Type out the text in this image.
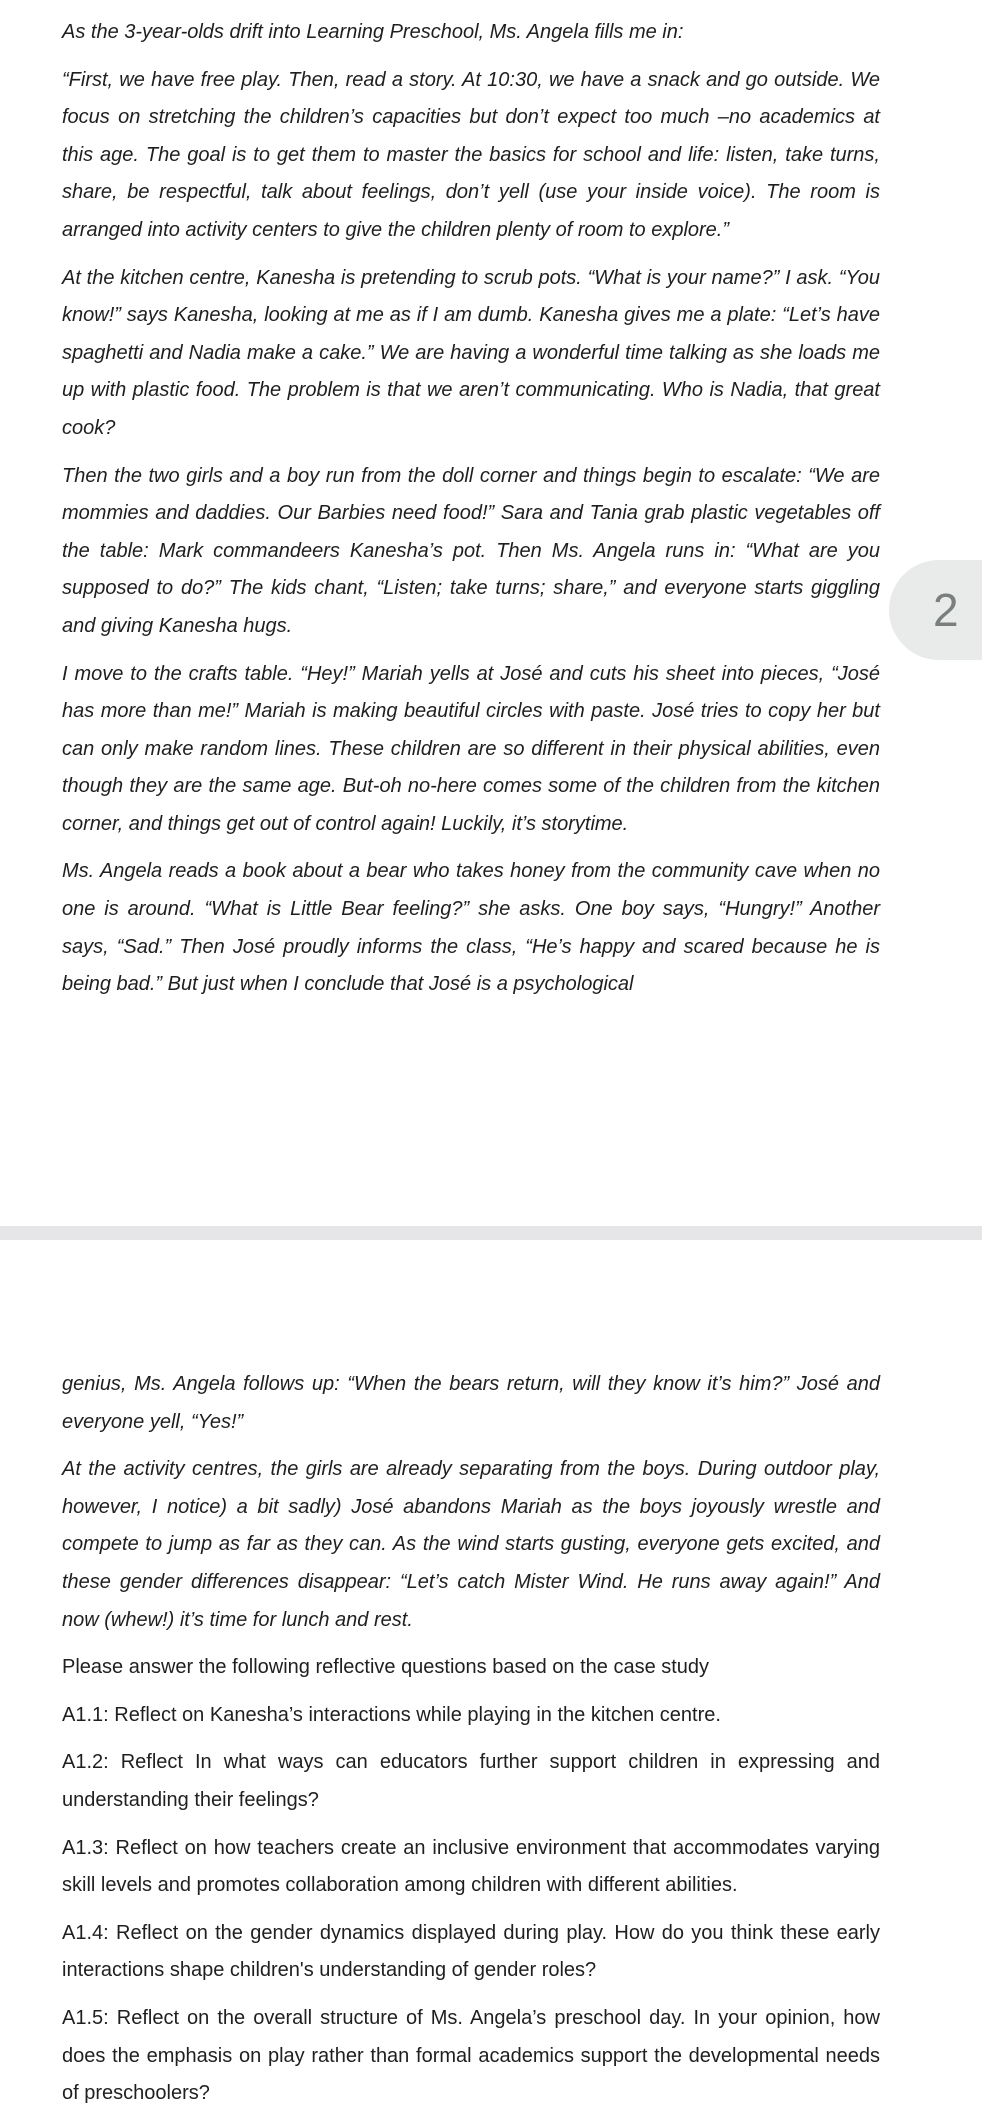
As the 3-year-olds drift into Learning Preschool, Ms. Angela fills me in:

“First, we have free play. Then, read a story. At 10:30, we have a snack and go outside. We focus on stretching the children’s capacities but don’t expect too much –no academics at this age. The goal is to get them to master the basics for school and life: listen, take turns, share, be respectful, talk about feelings, don’t yell (use your inside voice). The room is arranged into activity centers to give the children plenty of room to explore.”

At the kitchen centre, Kanesha is pretending to scrub pots. “What is your name?” I ask. “You know!” says Kanesha, looking at me as if I am dumb. Kanesha gives me a plate: “Let’s have spaghetti and Nadia make a cake.” We are having a wonderful time talking as she loads me up with plastic food. The problem is that we aren’t communicating. Who is Nadia, that great cook?

Then the two girls and a boy run from the doll corner and things begin to escalate: “We are mommies and daddies. Our Barbies need food!” Sara and Tania grab plastic vegetables off the table: Mark commandeers Kanesha’s pot. Then Ms. Angela runs in: “What are you supposed to do?” The kids chant, “Listen; take turns; share,” and everyone starts giggling and giving Kanesha hugs.

I move to the crafts table. “Hey!” Mariah yells at José and cuts his sheet into pieces, “José has more than me!” Mariah is making beautiful circles with paste. José tries to copy her but can only make random lines. These children are so different in their physical abilities, even though they are the same age. But-oh no-here comes some of the children from the kitchen corner, and things get out of control again! Luckily, it’s storytime.

Ms. Angela reads a book about a bear who takes honey from the community cave when no one is around. “What is Little Bear feeling?” she asks. One boy says, “Hungry!” Another says, “Sad.” Then José proudly informs the class, “He’s happy and scared because he is being bad.” But just when I conclude that José is a psychological

2

genius, Ms. Angela follows up: “When the bears return, will they know it’s him?” José and everyone yell, “Yes!”

At the activity centres, the girls are already separating from the boys. During outdoor play, however, I notice) a bit sadly) José abandons Mariah as the boys joyously wrestle and compete to jump as far as they can. As the wind starts gusting, everyone gets excited, and these gender differences disappear: “Let’s catch Mister Wind. He runs away again!” And now (whew!) it’s time for lunch and rest.

Please answer the following reflective questions based on the case study

A1.1: Reflect on Kanesha’s interactions while playing in the kitchen centre.

A1.2: Reflect In what ways can educators further support children in expressing and understanding their feelings?

A1.3: Reflect on how teachers create an inclusive environment that accommodates varying skill levels and promotes collaboration among children with different abilities.

A1.4: Reflect on the gender dynamics displayed during play. How do you think these early interactions shape children's understanding of gender roles?

A1.5: Reflect on the overall structure of Ms. Angela’s preschool day. In your opinion, how does the emphasis on play rather than formal academics support the developmental needs of preschoolers?
